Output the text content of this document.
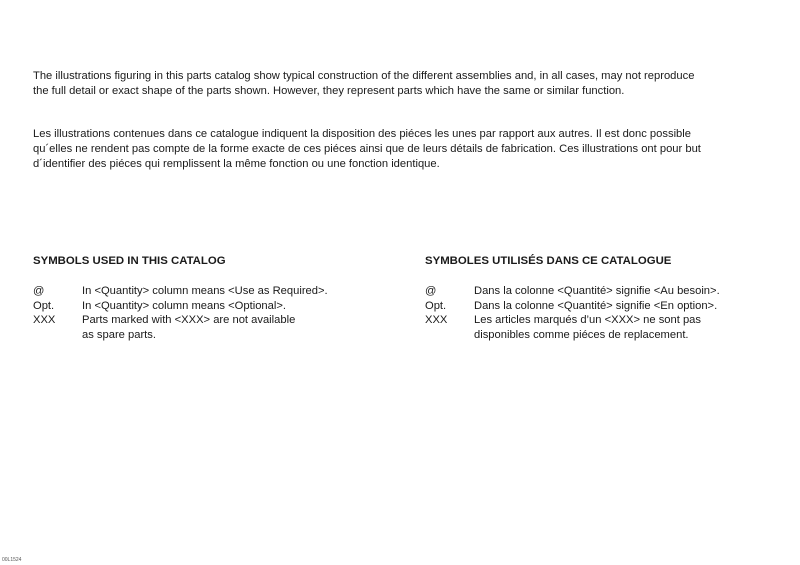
The illustrations figuring in this parts catalog show typical construction of the different assemblies and, in all cases, may not reproduce

the full detail or exact shape of the parts shown. However, they represent parts which have the same or similar function.

Les illustrations contenues dans ce catalogue indiquent la disposition des piéces les unes par rapport aux autres. Il est donc possible

qu´elles ne rendent pas compte de la forme exacte de ces piéces ainsi que de leurs détails de fabrication. Ces illustrations ont pour but

d´identifier des piéces qui remplissent la même fonction ou une fonction identique.

SYMBOLS USED IN THIS CATALOG
@	In <Quantity> column means <Use as Required>.
Opt.	In <Quantity> column means <Optional>.
XXX	Parts marked with <XXX> are not available
as spare parts.
SYMBOLES UTILISÉS DANS CE CATALOGUE
@	Dans la colonne <Quantité> signifie <Au besoin>.
Opt.	Dans la colonne <Quantité> signifie <En option>.
XXX	Les articles marqués d’un <XXX> ne sont pas
disponibles comme piéces de replacement.
00L1524
